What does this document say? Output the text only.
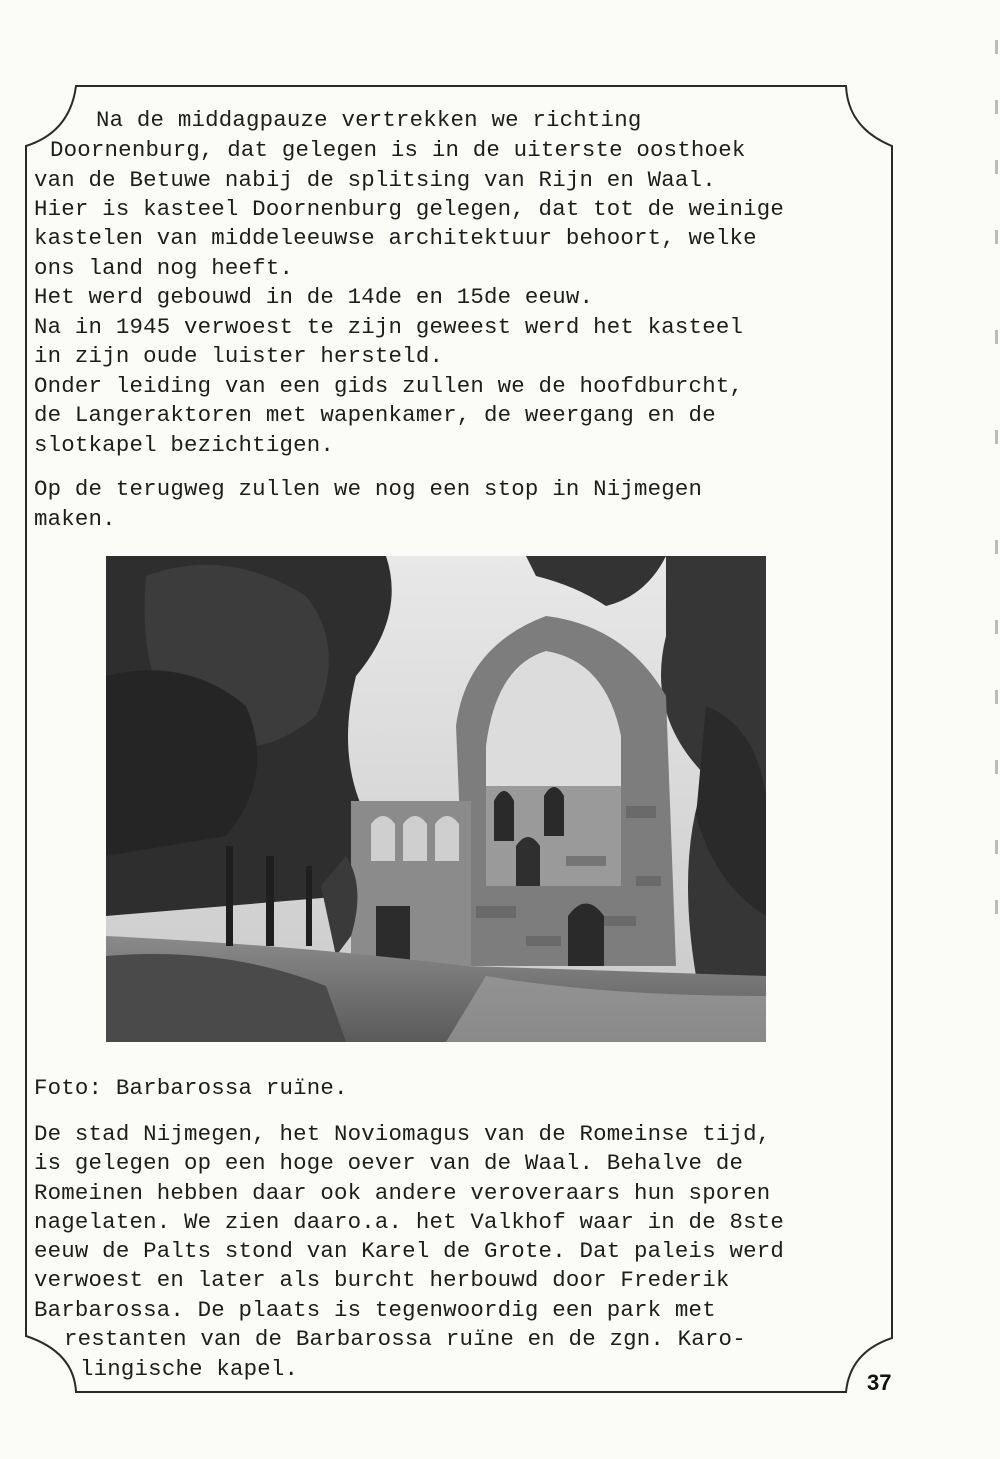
Na de middagpauze vertrekken we richting
Doornenburg, dat gelegen is in de uiterste oosthoek
van de Betuwe nabij de splitsing van Rijn en Waal.
Hier is kasteel Doornenburg gelegen, dat tot de weinige
kastelen van middeleeuwse architektuur behoort, welke
ons land nog heeft.
Het werd gebouwd in de 14de en 15de eeuw.
Na in 1945 verwoest te zijn geweest werd het kasteel
in zijn oude luister hersteld.
Onder leiding van een gids zullen we de hoofdburcht,
de Langeraktoren met wapenkamer, de weergang en de
slotkapel bezichtigen.
Op de terugweg zullen we nog een stop in Nijmegen
maken.
Foto: Barbarossa ruïne.
De stad Nijmegen, het Noviomagus van de Romeinse tijd,
is gelegen op een hoge oever van de Waal. Behalve de
Romeinen hebben daar ook andere veroveraars hun sporen
nagelaten. We zien daaro.a. het Valkhof waar in de 8ste
eeuw de Palts stond van Karel de Grote. Dat paleis werd
verwoest en later als burcht herbouwd door Frederik
Barbarossa. De plaats is tegenwoordig een park met
restanten van de Barbarossa ruïne en de zgn. Karo-
lingische kapel.
37
